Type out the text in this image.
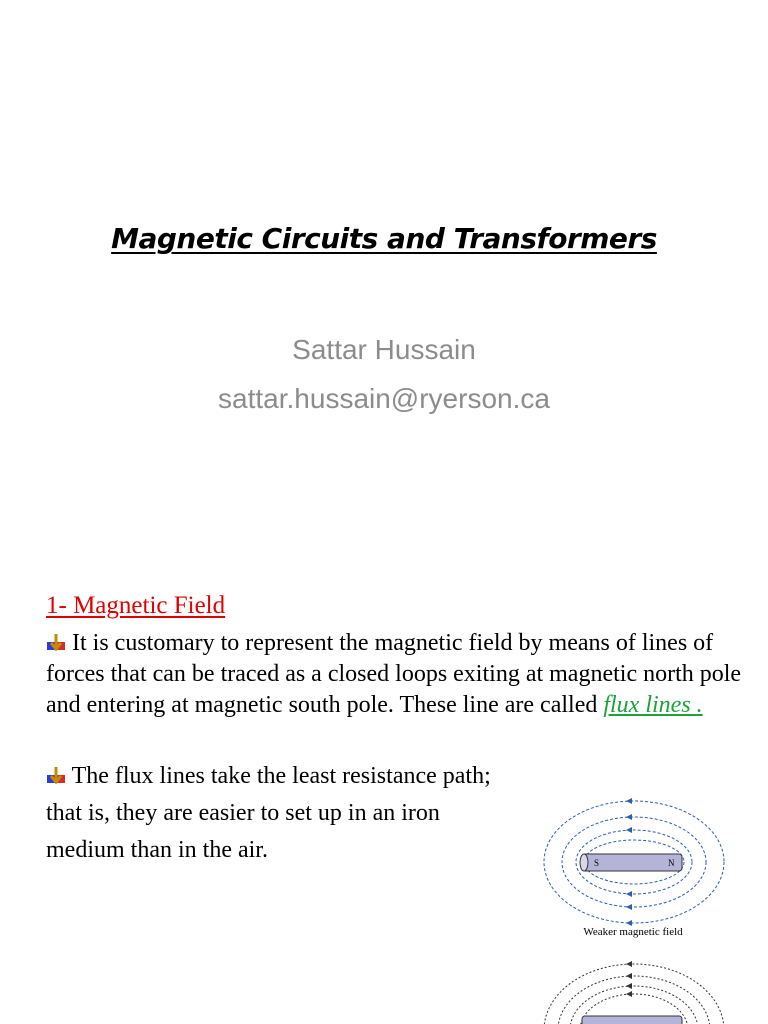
Magnetic Circuits and Transformers
Sattar Hussain
sattar.hussain@ryerson.ca
1- Magnetic Field
It is customary to represent the magnetic field by means of lines of forces that can be traced as a closed loops exiting at magnetic north pole and entering at magnetic south pole. These line are called flux lines .
The flux lines take the least resistance path; that is, they are easier to set up in an iron medium than in the air.	S	N
Weaker magnetic field
